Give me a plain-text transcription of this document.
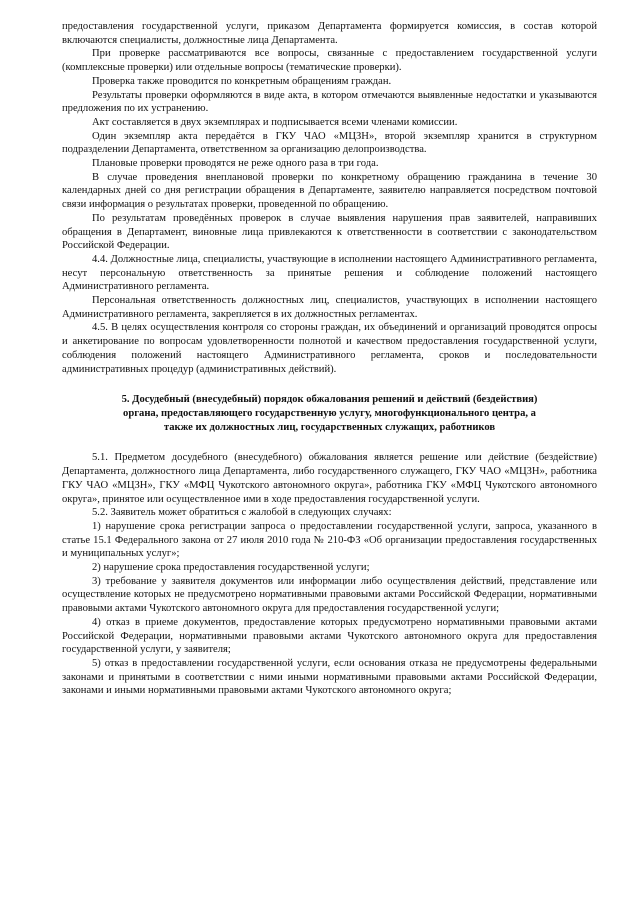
предоставления государственной услуги, приказом Департамента формируется комиссия, в состав которой включаются специалисты, должностные лица Департамента.

При проверке рассматриваются все вопросы, связанные с предоставлением государственной услуги (комплексные проверки) или отдельные вопросы (тематические проверки).

Проверка также проводится по конкретным обращениям граждан.

Результаты проверки оформляются в виде акта, в котором отмечаются выявленные недостатки и указываются предложения по их устранению.

Акт составляется в двух экземплярах и подписывается всеми членами комиссии.

Один экземпляр акта передаётся в ГКУ ЧАО «МЦЗН», второй экземпляр хранится в структурном подразделении Департамента, ответственном за организацию делопроизводства.

Плановые проверки проводятся не реже одного раза в три года.

В случае проведения внеплановой проверки по конкретному обращению гражданина в течение 30 календарных дней со дня регистрации обращения в Департаменте, заявителю направляется посредством почтовой связи информация о результатах проверки, проведенной по обращению.

По результатам проведённых проверок в случае выявления нарушения прав заявителей, направивших обращения в Департамент, виновные лица привлекаются к ответственности в соответствии с законодательством Российской Федерации.

4.4. Должностные лица, специалисты, участвующие в исполнении настоящего Административного регламента, несут персональную ответственность за принятые решения и соблюдение положений настоящего Административного регламента.

Персональная ответственность должностных лиц, специалистов, участвующих в исполнении настоящего Административного регламента, закрепляется в их должностных регламентах.

4.5. В целях осуществления контроля со стороны граждан, их объединений и организаций проводятся опросы и анкетирование по вопросам удовлетворенности полнотой и качеством предоставления государственной услуги, соблюдения положений настоящего Административного регламента, сроков и последовательности административных процедур (административных действий).

5. Досудебный (внесудебный) порядок обжалования решений и действий (бездействия)
органа, предоставляющего государственную услугу, многофункционального центра, а
также их должностных лиц, государственных служащих, работников

5.1. Предметом досудебного (внесудебного) обжалования является решение или действие (бездействие) Департамента, должностного лица Департамента, либо государственного служащего, ГКУ ЧАО «МЦЗН», работника ГКУ ЧАО «МЦЗН», ГКУ «МФЦ Чукотского автономного округа», работника ГКУ «МФЦ Чукотского автономного округа», принятое или осуществленное ими в ходе предоставления государственной услуги.

5.2. Заявитель может обратиться с жалобой в следующих случаях:

1) нарушение срока регистрации запроса о предоставлении государственной услуги, запроса, указанного в статье 15.1 Федерального закона от 27 июля 2010 года № 210-ФЗ «Об организации предоставления государственных и муниципальных услуг»;

2) нарушение срока предоставления государственной услуги;

3) требование у заявителя документов или информации либо осуществления действий, представление или осуществление которых не предусмотрено нормативными правовыми актами Российской Федерации, нормативными правовыми актами Чукотского автономного округа для предоставления государственной услуги;

4) отказ в приеме документов, предоставление которых предусмотрено нормативными правовыми актами Российской Федерации, нормативными правовыми актами Чукотского автономного округа для предоставления государственной услуги, у заявителя;

5) отказ в предоставлении государственной услуги, если основания отказа не предусмотрены федеральными законами и принятыми в соответствии с ними иными нормативными правовыми актами Российской Федерации, законами и иными нормативными правовыми актами Чукотского автономного округа;
